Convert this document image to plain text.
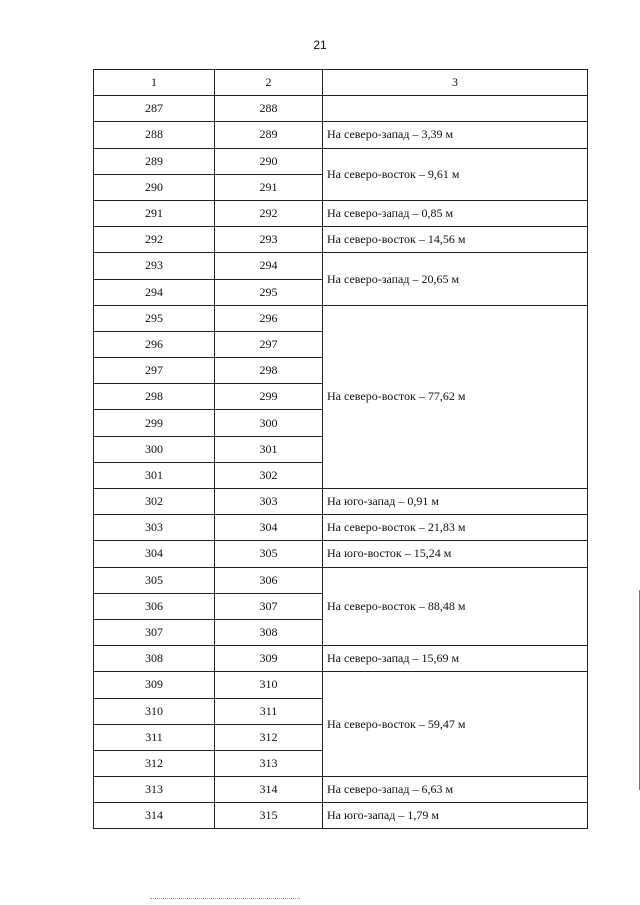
21
1	2	3
287	288	
288	289	На северо-запад – 3,39 м
289	290	На северо-восток – 9,61 м
290	291	
291	292	На северо-запад – 0,85 м
292	293	На северо-восток – 14,56 м
293	294	На северо-запад – 20,65 м
294	295	
295	296	На северо-восток – 77,62 м
296	297	
297	298	
298	299	
299	300	
300	301	
301	302	
302	303	На юго-запад – 0,91 м
303	304	На северо-восток – 21,83 м
304	305	На юго-восток – 15,24 м
305	306	На северо-восток – 88,48 м
306	307	
307	308	
308	309	На северо-запад – 15,69 м
309	310	На северо-восток – 59,47 м
310	311	
311	312	
312	313	
313	314	На северо-запад – 6,63 м
314	315	На юго-запад – 1,79 м
